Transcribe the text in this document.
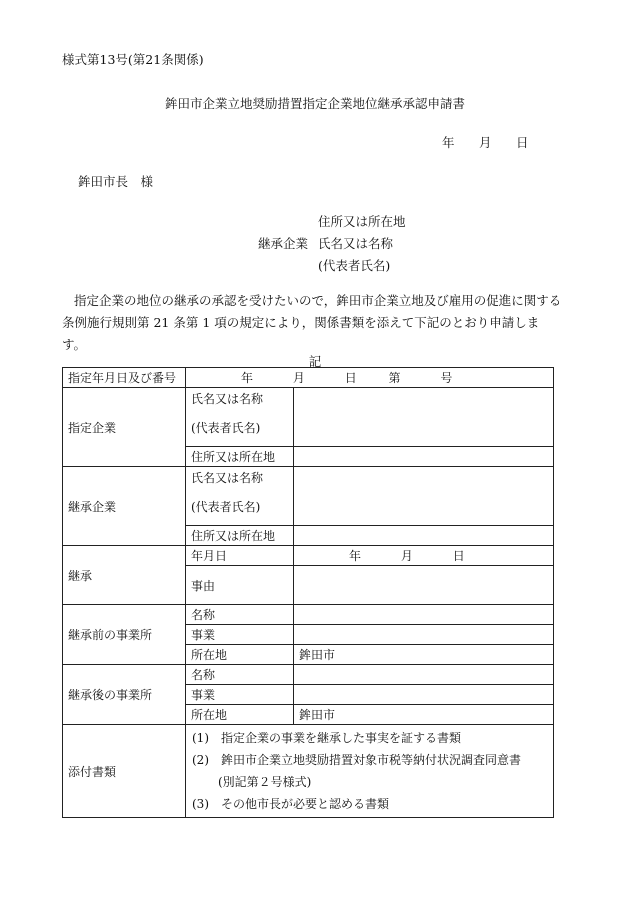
様式第13号(第21条関係)
鉾田市企業立地奨励措置指定企業地位継承承認申請書
年 月 日
鉾田市長　様
住所又は所在地
継承企業 氏名又は名称
(代表者氏名)
指定企業の地位の継承の承認を受けたいので，鉾田市企業立地及び雇用の促進に関する条例施行規則第 21 条第 1 項の規定により，関係書類を添えて下記のとおり申請します。
記
指定年月日及び番号	年 月 日 第 号	
指定企業	氏名又は名称	
	(代表者氏名)	
	住所又は所在地	
継承企業	氏名又は名称	
	(代表者氏名)	
	住所又は所在地	
継承	年月日	年 月 日
	事由	
継承前の事業所	名称	
	事業	
	所在地	鉾田市
継承後の事業所	名称	
	事業	
	所在地	鉾田市
添付書類	(1)　指定企業の事業を継承した事実を証する書類
(2)　鉾田市企業立地奨励措置対象市税等納付状況調査同意書
(別記第２号様式)
(3)　その他市長が必要と認める書類	
